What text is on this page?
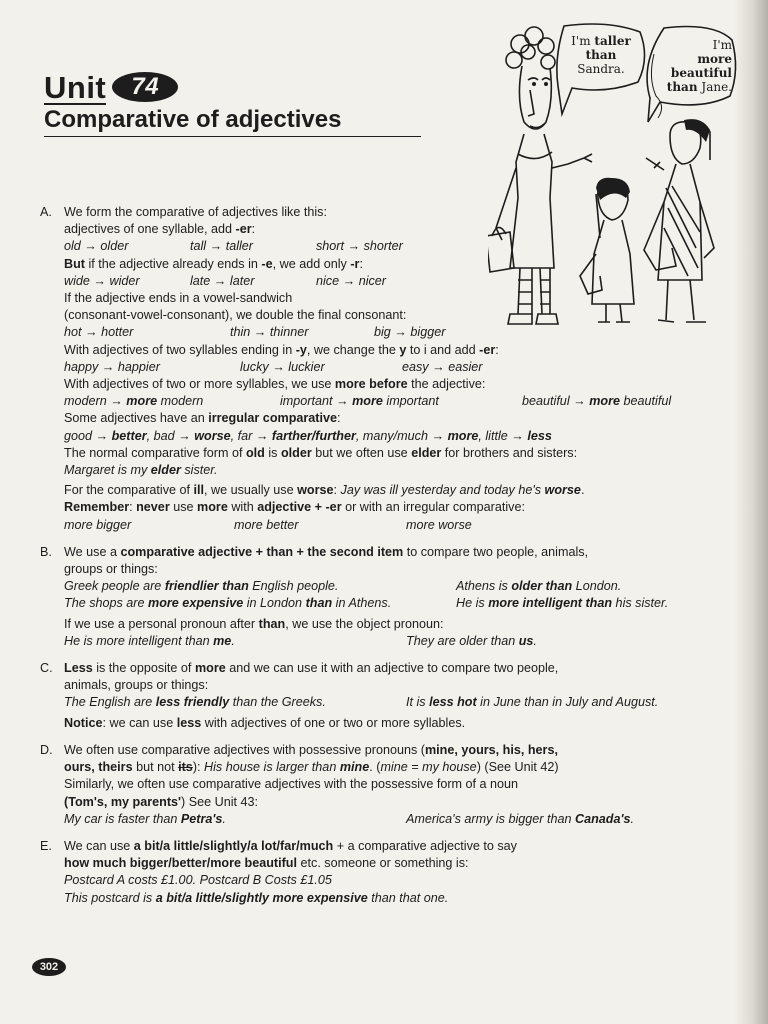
Unit 74
Comparative of adjectives
I'm taller
than
Sandra.
I'm
more
beautiful
than Jane.
A. We form the comparative of adjectives like this:
adjectives of one syllable, add -er:
old → older	tall → taller	short → shorter
But if the adjective already ends in -e, we add only -r:
wide → wider	late → later	nice → nicer
If the adjective ends in a vowel-sandwich
(consonant-vowel-consonant), we double the final consonant:
hot → hotter	thin → thinner	big → bigger
With adjectives of two syllables ending in -y, we change the y to i and add -er:
happy → happier	lucky → luckier	easy → easier
With adjectives of two or more syllables, we use more before the adjective:
modern → more modern	important → more important	beautiful → more beautiful
Some adjectives have an irregular comparative:
good → better, bad → worse, far → farther/further, many/much → more, little → less
The normal comparative form of old is older but we often use elder for brothers and sisters:
Margaret is my elder sister.
For the comparative of ill, we usually use worse: Jay was ill yesterday and today he's worse.
Remember: never use more with adjective + -er or with an irregular comparative:
more bigger	more better	more worse
B. We use a comparative adjective + than + the second item to compare two people, animals,
groups or things:
Greek people are friendlier than English people.	Athens is older than London.
The shops are more expensive in London than in Athens.	He is more intelligent than his sister.
If we use a personal pronoun after than, we use the object pronoun:
He is more intelligent than me.	They are older than us.
C. Less is the opposite of more and we can use it with an adjective to compare two people,
animals, groups or things:
The English are less friendly than the Greeks.	It is less hot in June than in July and August.
Notice: we can use less with adjectives of one or two or more syllables.
D. We often use comparative adjectives with possessive pronouns (mine, yours, his, hers,
ours, theirs but not its): His house is larger than mine. (mine = my house) (See Unit 42)
Similarly, we often use comparative adjectives with the possessive form of a noun
(Tom's, my parents') See Unit 43:
My car is faster than Petra's.	America's army is bigger than Canada's.
E. We can use a bit/a little/slightly/a lot/far/much + a comparative adjective to say
how much bigger/better/more beautiful etc. someone or something is:
Postcard A costs £1.00. Postcard B Costs £1.05
This postcard is a bit/a little/slightly more expensive than that one.
302
